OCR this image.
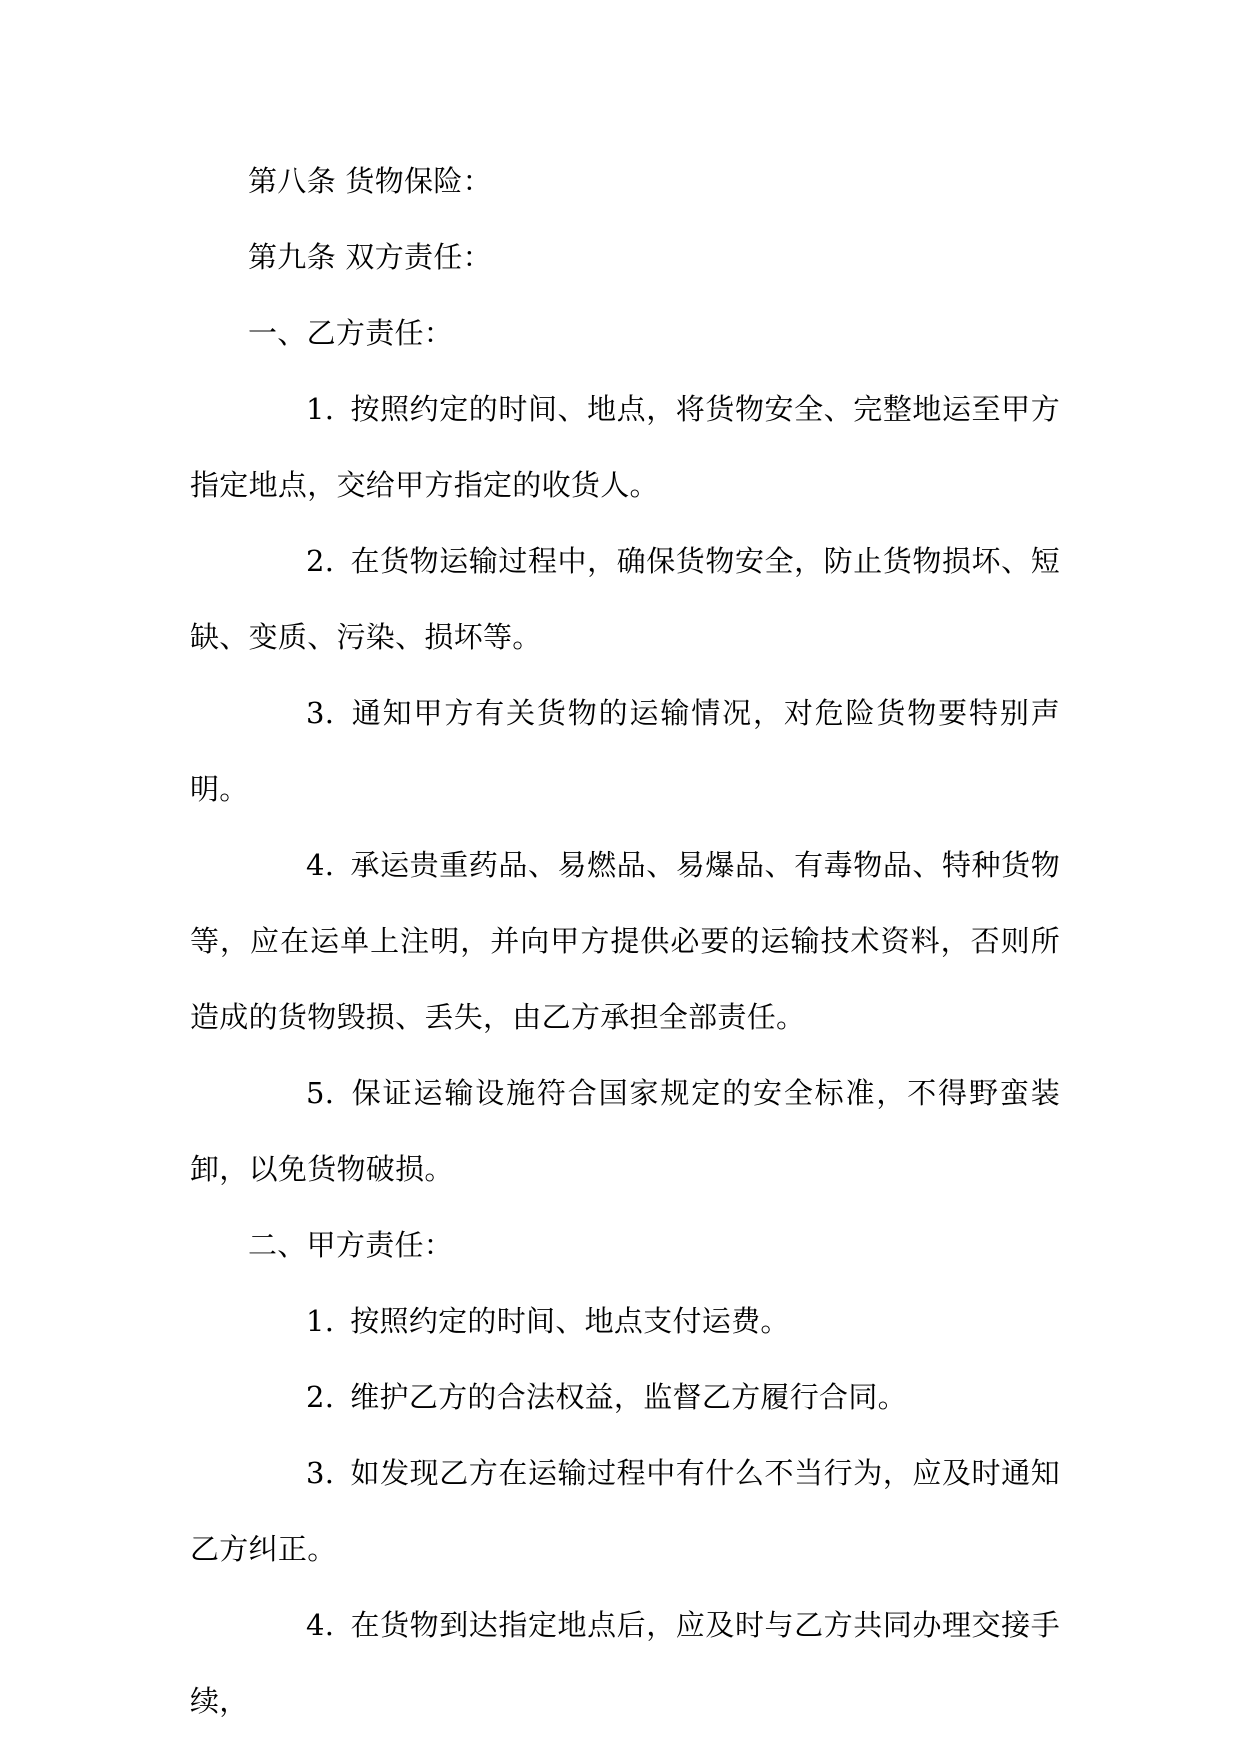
第八条 货物保险：

第九条 双方责任：

一、乙方责任：

1. 按照约定的时间、地点，将货物安全、完整地运至甲方指定地点，交给甲方指定的收货人。

2. 在货物运输过程中，确保货物安全，防止货物损坏、短缺、变质、污染、损坏等。

3. 通知甲方有关货物的运输情况，对危险货物要特别声明。

4. 承运贵重药品、易燃品、易爆品、有毒物品、特种货物等，应在运单上注明，并向甲方提供必要的运输技术资料，否则所造成的货物毁损、丢失，由乙方承担全部责任。

5. 保证运输设施符合国家规定的安全标准，不得野蛮装卸，以免货物破损。

二、甲方责任：

1. 按照约定的时间、地点支付运费。

2. 维护乙方的合法权益，监督乙方履行合同。

3. 如发现乙方在运输过程中有什么不当行为，应及时通知乙方纠正。

4. 在货物到达指定地点后，应及时与乙方共同办理交接手续，
